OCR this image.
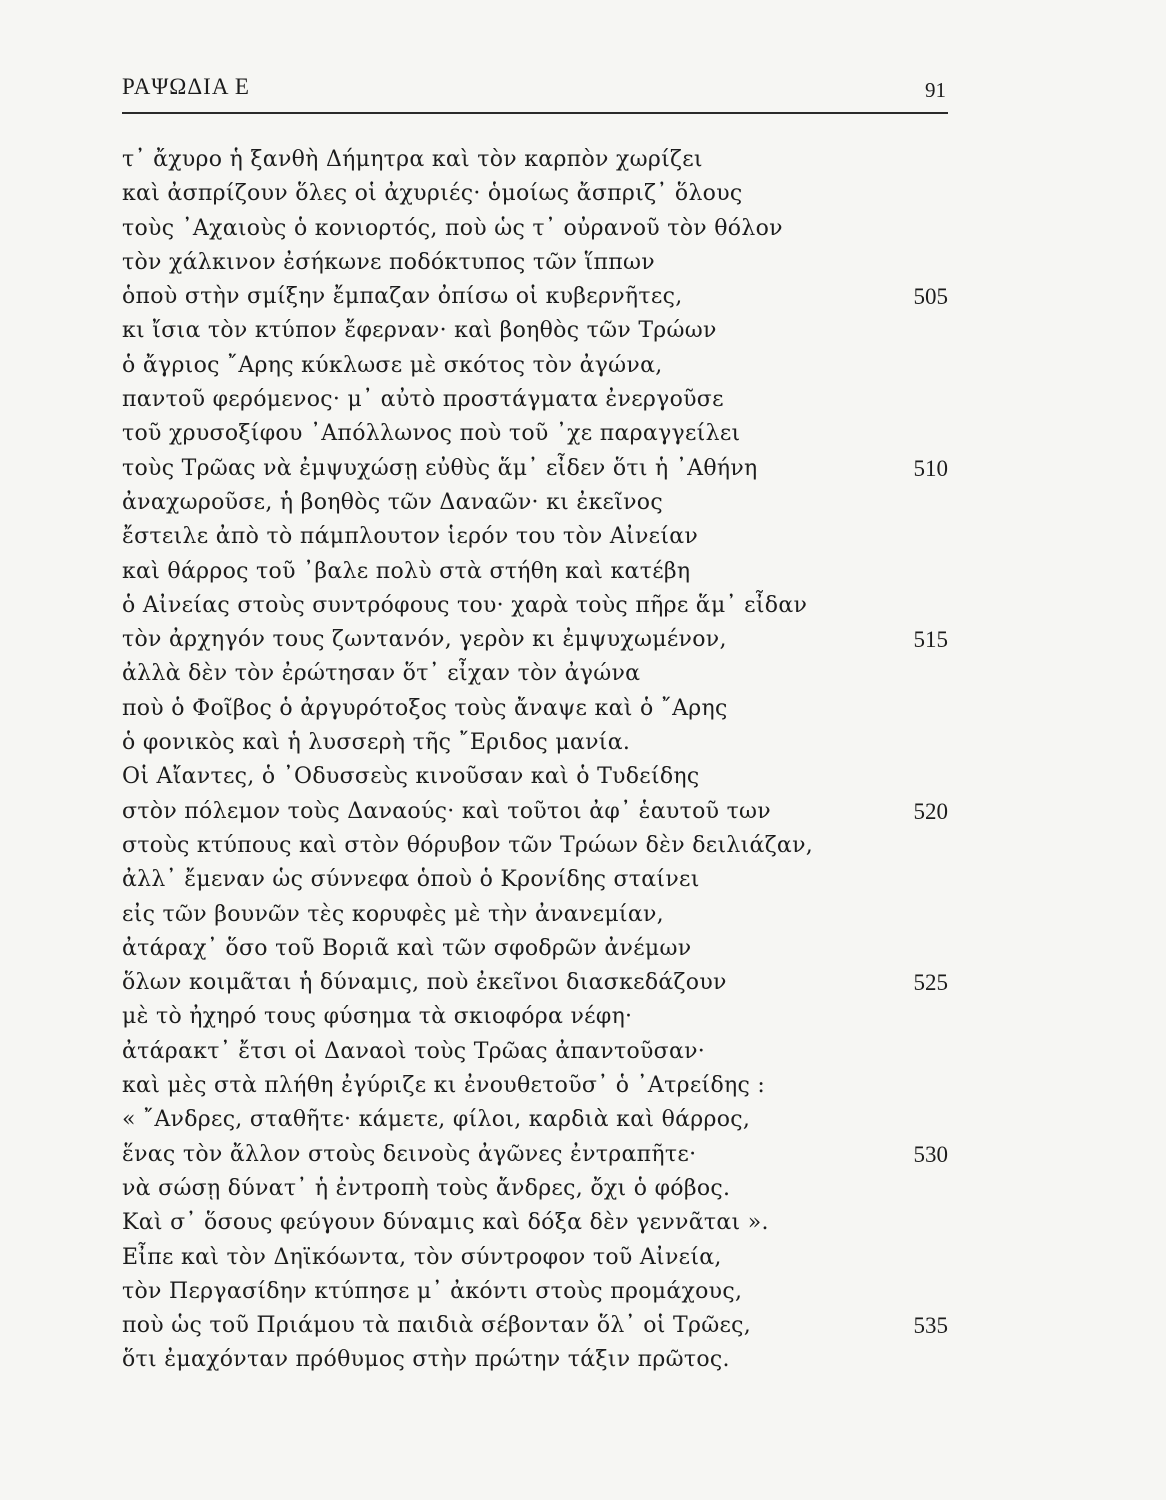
ΡΑΨΩΔΙΑ Ε	91
τ᾿ ἄχυρο ἡ ξανθὴ Δήμητρα καὶ τὸν καρπὸν χωρίζει
καὶ ἀσπρίζουν ὅλες οἱ ἀχυριές· ὁμοίως ἄσπριζ᾿ ὅλους
τοὺς ᾿Αχαιοὺς ὁ κονιορτός, ποὺ ὡς τ᾿ οὐρανοῦ τὸν θόλον
τὸν χάλκινον ἐσήκωνε ποδόκτυπος τῶν ἵππων
ὁποὺ στὴν σμίξην ἔμπαζαν ὀπίσω οἱ κυβερνῆτες,	505
κι ἴσια τὸν κτύπον ἔφερναν· καὶ βοηθὸς τῶν Τρώων
ὁ ἄγριος ῎Αρης κύκλωσε μὲ σκότος τὸν ἀγώνα,
παντοῦ φερόμενος· μ᾿ αὐτὸ προστάγματα ἐνεργοῦσε
τοῦ χρυσοξίφου ᾿Απόλλωνος ποὺ τοῦ ᾿χε παραγγείλει
τοὺς Τρῶας νὰ ἐμψυχώσῃ εὐθὺς ἅμ᾿ εἶδεν ὅτι ἡ ᾿Αθήνη	510
ἀναχωροῦσε, ἡ βοηθὸς τῶν Δαναῶν· κι ἐκεῖνος
ἔστειλε ἀπὸ τὸ πάμπλουτον ἱερόν του τὸν Αἰνείαν
καὶ θάρρος τοῦ ᾿βαλε πολὺ στὰ στήθη καὶ κατέβη
ὁ Αἰνείας στοὺς συντρόφους του· χαρὰ τοὺς πῆρε ἅμ᾿ εἶδαν
τὸν ἀρχηγόν τους ζωντανόν, γερὸν κι ἐμψυχωμένον,	515
ἀλλὰ δὲν τὸν ἐρώτησαν ὅτ᾿ εἶχαν τὸν ἀγώνα
ποὺ ὁ Φοῖβος ὁ ἀργυρότοξος τοὺς ἄναψε καὶ ὁ ῎Αρης
ὁ φονικὸς καὶ ἡ λυσσερὴ τῆς ῎Εριδος μανία.
Οἱ Αἴαντες, ὁ ᾿Οδυσσεὺς κινοῦσαν καὶ ὁ Τυδείδης
στὸν πόλεμον τοὺς Δαναούς· καὶ τοῦτοι ἀφ᾿ ἑαυτοῦ των	520
στοὺς κτύπους καὶ στὸν θόρυβον τῶν Τρώων δὲν δειλιάζαν,
ἀλλ᾿ ἔμεναν ὡς σύννεφα ὁποὺ ὁ Κρονίδης σταίνει
εἰς τῶν βουνῶν τὲς κορυφὲς μὲ τὴν ἀνανεμίαν,
ἀτάραχ᾿ ὅσο τοῦ Βοριᾶ καὶ τῶν σφοδρῶν ἀνέμων
ὅλων κοιμᾶται ἡ δύναμις, ποὺ ἐκεῖνοι διασκεδάζουν	525
μὲ τὸ ἠχηρό τους φύσημα τὰ σκιοφόρα νέφη·
ἀτάρακτ᾿ ἔτσι οἱ Δαναοὶ τοὺς Τρῶας ἀπαντοῦσαν·
καὶ μὲς στὰ πλήθη ἐγύριζε κι ἐνουθετοῦσ᾿ ὁ ᾿Ατρείδης :
« ῎Ανδρες, σταθῆτε· κάμετε, φίλοι, καρδιὰ καὶ θάρρος,
ἕνας τὸν ἄλλον στοὺς δεινοὺς ἀγῶνες ἐντραπῆτε·	530
νὰ σώσῃ δύνατ᾿ ἡ ἐντροπὴ τοὺς ἄνδρες, ὄχι ὁ φόβος.
Καὶ σ᾿ ὅσους φεύγουν δύναμις καὶ δόξα δὲν γεννᾶται ».
Εἶπε καὶ τὸν Δηϊκόωντα, τὸν σύντροφον τοῦ Αἰνεία,
τὸν Περγασίδην κτύπησε μ᾿ ἀκόντι στοὺς προμάχους,
ποὺ ὡς τοῦ Πριάμου τὰ παιδιὰ σέβονταν ὅλ᾿ οἱ Τρῶες,	535
ὅτι ἐμαχόνταν πρόθυμος στὴν πρώτην τάξιν πρῶτος.
